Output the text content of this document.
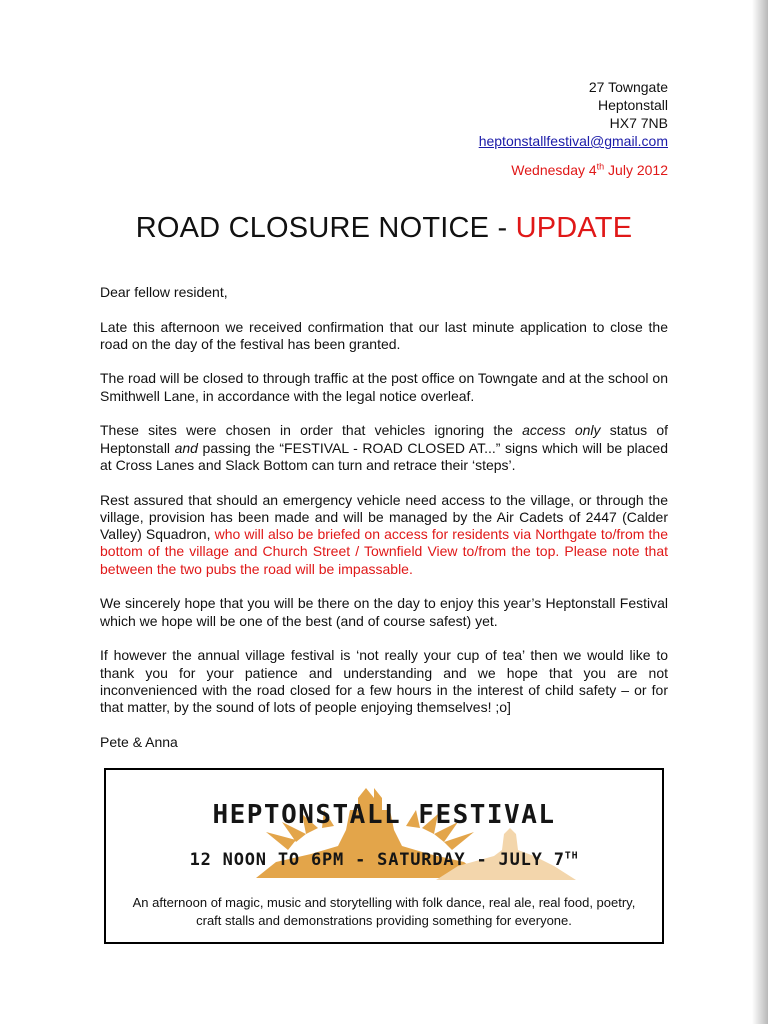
27 Towngate
Heptonstall
HX7 7NB
heptonstallfestival@gmail.com
Wednesday 4th July 2012
ROAD CLOSURE NOTICE - UPDATE

Dear fellow resident,

Late this afternoon we received confirmation that our last minute application to close the road on the day of the festival has been granted.

The road will be closed to through traffic at the post office on Towngate and at the school on Smithwell Lane, in accordance with the legal notice overleaf.

These sites were chosen in order that vehicles ignoring the access only status of Heptonstall and passing the “FESTIVAL - ROAD CLOSED AT...” signs which will be placed at Cross Lanes and Slack Bottom can turn and retrace their ‘steps’.

Rest assured that should an emergency vehicle need access to the village, or through the village, provision has been made and will be managed by the Air Cadets of 2447 (Calder Valley) Squadron, who will also be briefed on access for residents via Northgate to/from the bottom of the village and Church Street / Townfield View to/from the top. Please note that between the two pubs the road will be impassable.

We sincerely hope that you will be there on the day to enjoy this year’s Heptonstall Festival which we hope will be one of the best (and of course safest) yet.

If however the annual village festival is ‘not really your cup of tea’ then we would like to thank you for your patience and understanding and we hope that you are not inconvenienced with the road closed for a few hours in the interest of child safety – or for that matter, by the sound of lots of people enjoying themselves! ;o]

Pete & Anna

HEPTONSTALL FESTIVAL
12 NOON TO 6PM - SATURDAY - JULY 7TH
An afternoon of magic, music and storytelling with folk dance, real ale, real food, poetry, craft stalls and demonstrations providing something for everyone.
